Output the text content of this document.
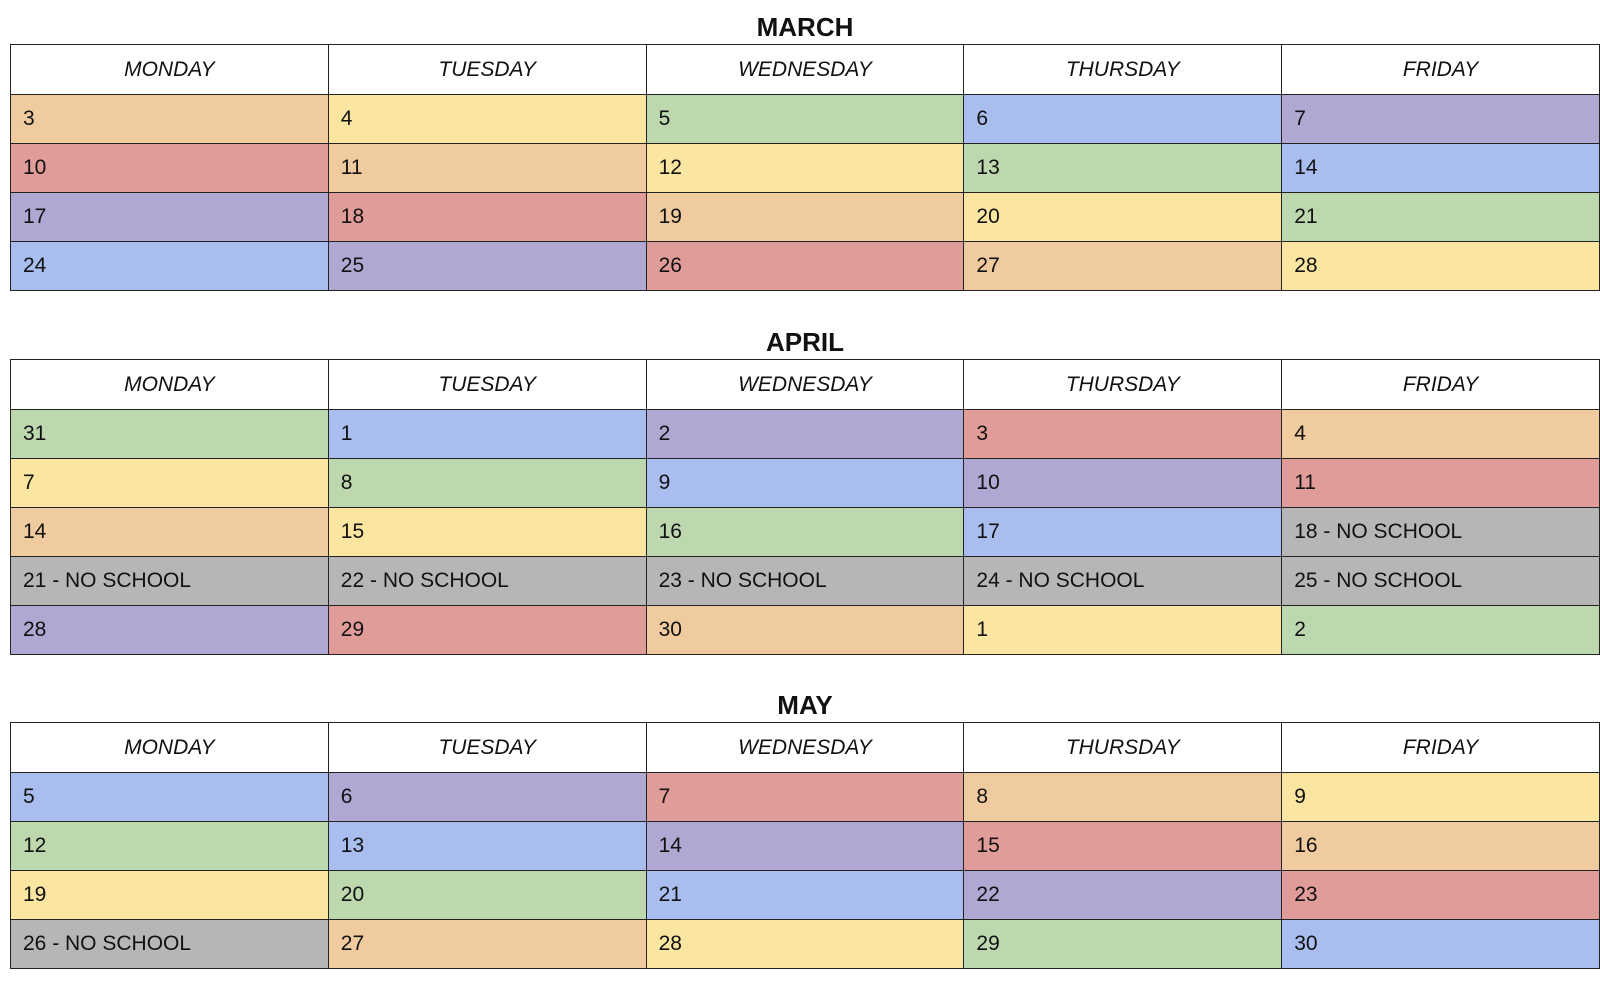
MARCH
MONDAY	TUESDAY	WEDNESDAY	THURSDAY	FRIDAY
3	4	5	6	7
10	11	12	13	14
17	18	19	20	21
24	25	26	27	28
APRIL
MONDAY	TUESDAY	WEDNESDAY	THURSDAY	FRIDAY
31	1	2	3	4
7	8	9	10	11
14	15	16	17	18 - NO SCHOOL
21 - NO SCHOOL	22 - NO SCHOOL	23 - NO SCHOOL	24 - NO SCHOOL	25 - NO SCHOOL
28	29	30	1	2
MAY
MONDAY	TUESDAY	WEDNESDAY	THURSDAY	FRIDAY
5	6	7	8	9
12	13	14	15	16
19	20	21	22	23
26 - NO SCHOOL	27	28	29	30
